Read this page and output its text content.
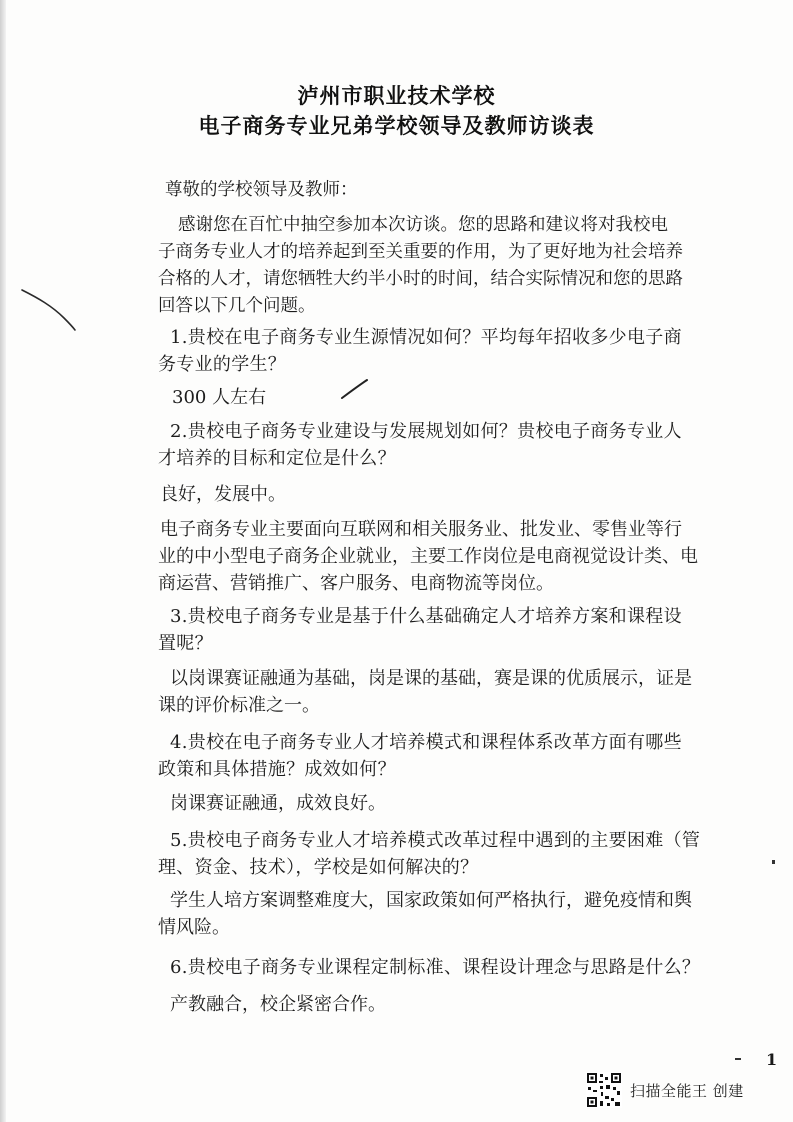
泸州市职业技术学校
电子商务专业兄弟学校领导及教师访谈表
尊敬的学校领导及教师：
感谢您在百忙中抽空参加本次访谈。您的思路和建议将对我校电
子商务专业人才的培养起到至关重要的作用，为了更好地为社会培养
合格的人才，请您牺牲大约半小时的时间，结合实际情况和您的思路
回答以下几个问题。
1.贵校在电子商务专业生源情况如何？平均每年招收多少电子商
务专业的学生？
300 人左右
2.贵校电子商务专业建设与发展规划如何？贵校电子商务专业人
才培养的目标和定位是什么？
良好，发展中。
电子商务专业主要面向互联网和相关服务业、批发业、零售业等行
业的中小型电子商务企业就业，主要工作岗位是电商视觉设计类、电
商运营、营销推广、客户服务、电商物流等岗位。
3.贵校电子商务专业是基于什么基础确定人才培养方案和课程设
置呢？
以岗课赛证融通为基础，岗是课的基础，赛是课的优质展示，证是
课的评价标准之一。
4.贵校在电子商务专业人才培养模式和课程体系改革方面有哪些
政策和具体措施？成效如何？
岗课赛证融通，成效良好。
5.贵校电子商务专业人才培养模式改革过程中遇到的主要困难（管
理、资金、技术），学校是如何解决的？
学生人培方案调整难度大，国家政策如何严格执行，避免疫情和舆
情风险。
6.贵校电子商务专业课程定制标准、课程设计理念与思路是什么？
产教融合，校企紧密合作。
1
扫描全能王 创建
